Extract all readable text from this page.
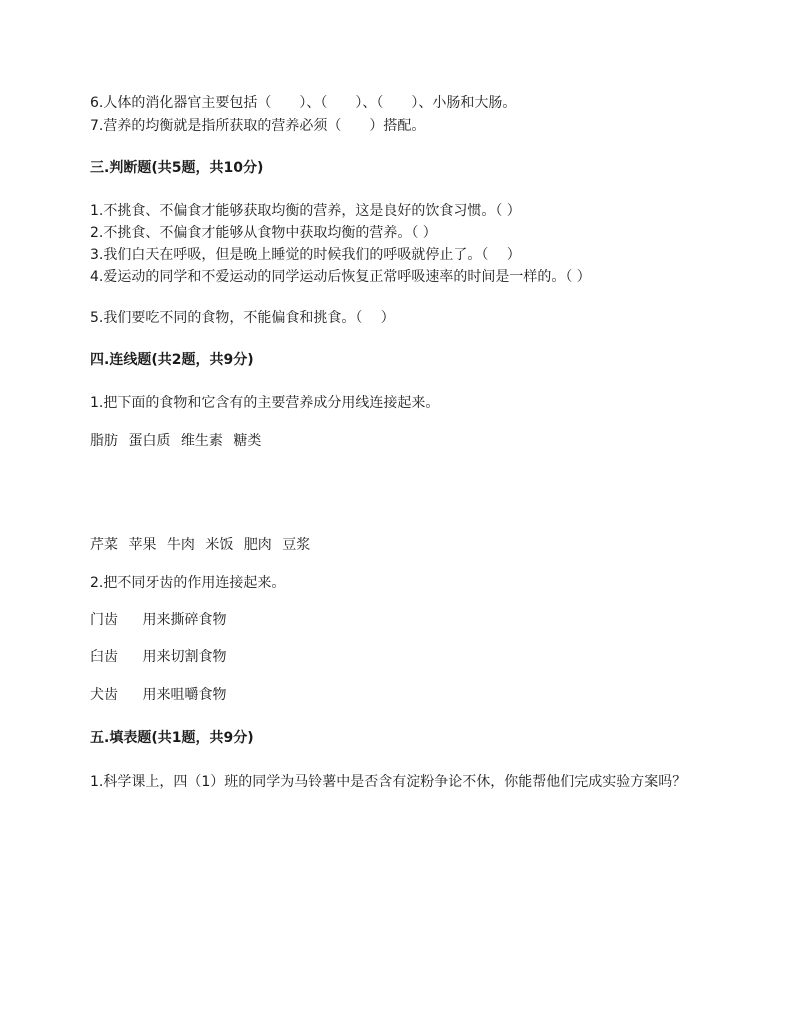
6.人体的消化器官主要包括（　　）、（　　）、（　　）、小肠和大肠。
7.营养的均衡就是指所获取的营养必须（　　）搭配。
三.判断题(共5题，共10分)
1.不挑食、不偏食才能够获取均衡的营养，这是良好的饮食习惯。（ ）
2.不挑食、不偏食才能够从食物中获取均衡的营养。（ ）
3.我们白天在呼吸，但是晚上睡觉的时候我们的呼吸就停止了。（　 ）
4.爱运动的同学和不爱运动的同学运动后恢复正常呼吸速率的时间是一样的。（ ）
5.我们要吃不同的食物，不能偏食和挑食。（　 ）
四.连线题(共2题，共9分)
1.把下面的食物和它含有的主要营养成分用线连接起来。
脂肪 蛋白质 维生素 糖类
芹菜 苹果 牛肉 米饭 肥肉 豆浆
2.把不同牙齿的作用连接起来。
门齿 用来撕碎食物
臼齿 用来切割食物
犬齿 用来咀嚼食物
五.填表题(共1题，共9分)
1.科学课上，四（1）班的同学为马铃薯中是否含有淀粉争论不休，你能帮他们完成实验方案吗？
